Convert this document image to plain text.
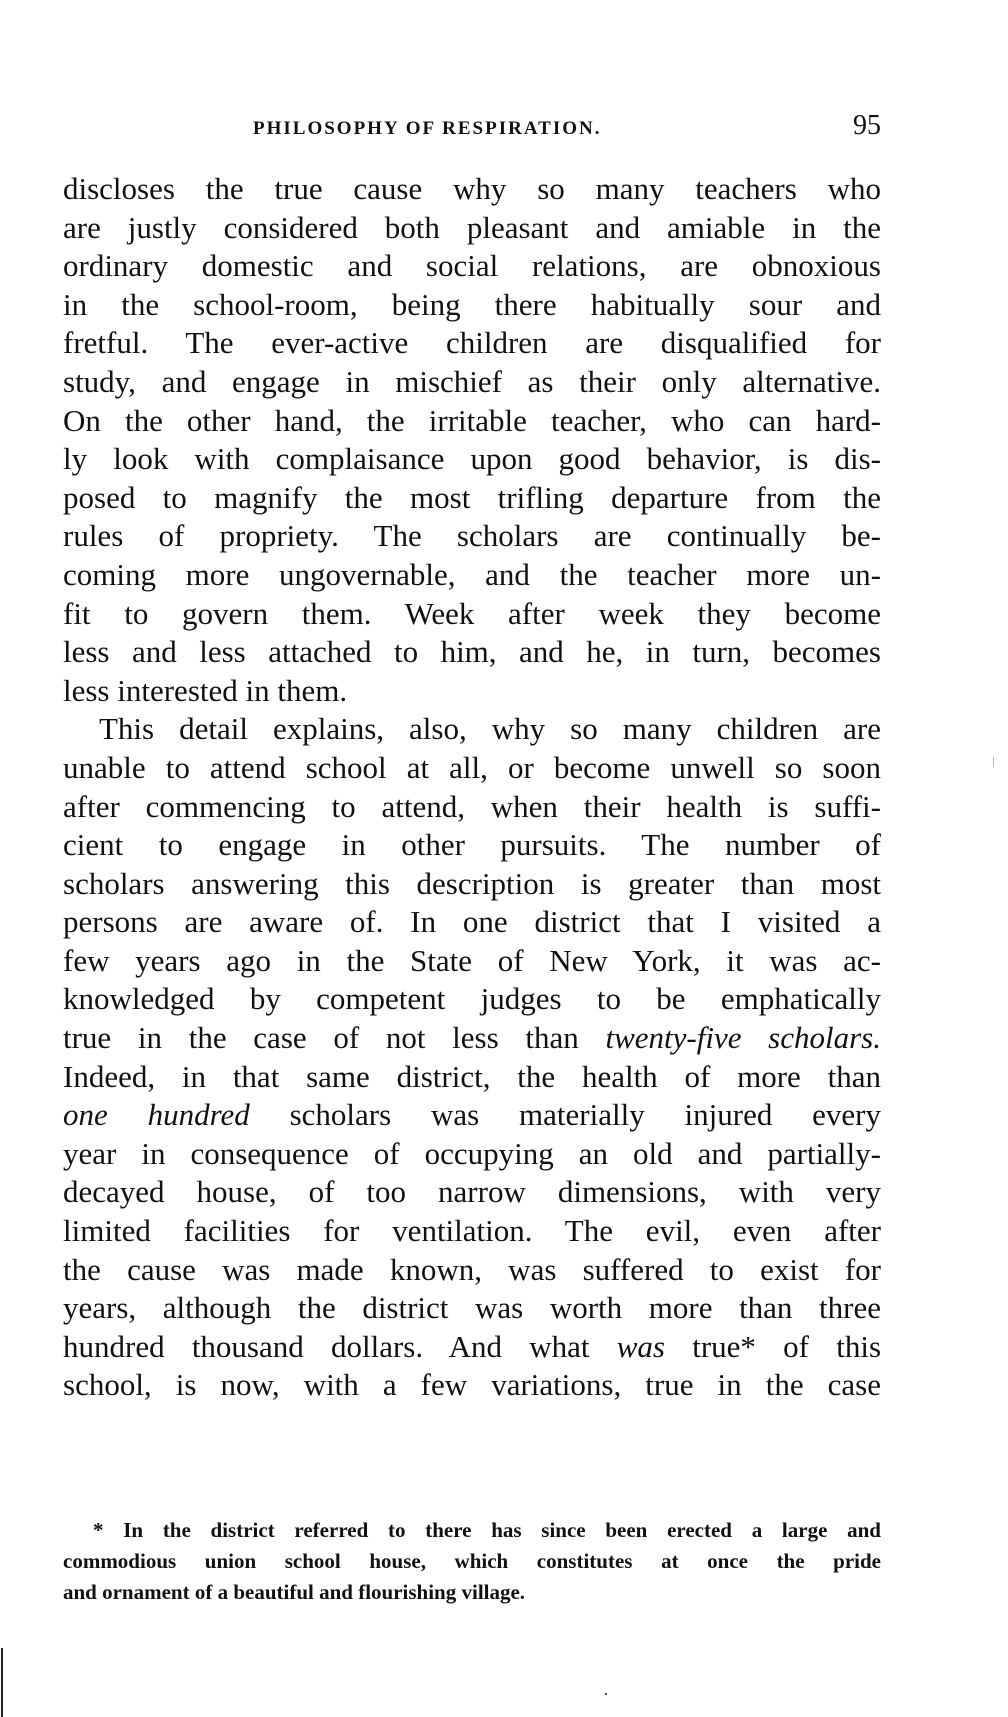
PHILOSOPHY OF RESPIRATION.	95
discloses the true cause why so many teachers who
are justly considered both pleasant and amiable in the
ordinary domestic and social relations, are obnoxious
in the school-room, being there habitually sour and
fretful. The ever-active children are disqualified for
study, and engage in mischief as their only alternative.
On the other hand, the irritable teacher, who can hard-
ly look with complaisance upon good behavior, is dis-
posed to magnify the most trifling departure from the
rules of propriety. The scholars are continually be-
coming more ungovernable, and the teacher more un-
fit to govern them. Week after week they become
less and less attached to him, and he, in turn, becomes
less interested in them.
This detail explains, also, why so many children are
unable to attend school at all, or become unwell so soon
after commencing to attend, when their health is suffi-
cient to engage in other pursuits. The number of
scholars answering this description is greater than most
persons are aware of. In one district that I visited a
few years ago in the State of New York, it was ac-
knowledged by competent judges to be emphatically
true in the case of not less than twenty-five scholars.
Indeed, in that same district, the health of more than
one hundred scholars was materially injured every
year in consequence of occupying an old and partially-
decayed house, of too narrow dimensions, with very
limited facilities for ventilation. The evil, even after
the cause was made known, was suffered to exist for
years, although the district was worth more than three
hundred thousand dollars. And what was true* of this
school, is now, with a few variations, true in the case
* In the district referred to there has since been erected a large and
commodious union school house, which constitutes at once the pride
and ornament of a beautiful and flourishing village.
